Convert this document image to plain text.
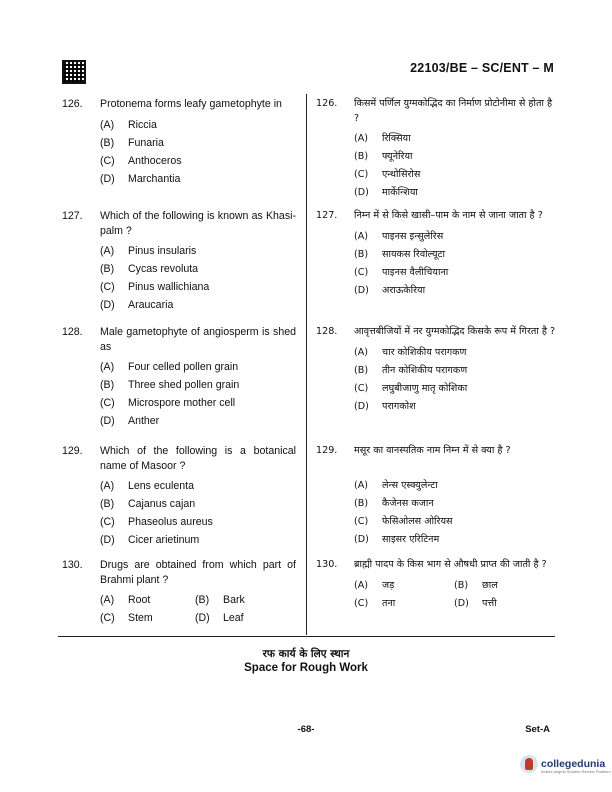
22103/BE – SC/ENT – M
126.	Protonema forms leafy gametophyte in
(A)	Riccia
(B)	Funaria
(C)	Anthoceros
(D)	Marchantia
127.	Which of the following is known as Khasi-palm ?
(A)	Pinus insularis
(B)	Cycas revoluta
(C)	Pinus wallichiana
(D)	Araucaria
128.	Male gametophyte of angiosperm is shed as
(A)	Four celled pollen grain
(B)	Three shed pollen grain
(C)	Microspore mother cell
(D)	Anther
129.	Which of the following is a botanical name of Masoor ?
(A)	Lens eculenta
(B)	Cajanus cajan
(C)	Phaseolus aureus
(D)	Cicer arietinum
130.	Drugs are obtained from which part of Brahmi plant ?
(A)	Root	(B)	Bark
(C)	Stem	(D)	Leaf
126.	किसमें पर्णिल युग्मकोद्भिद का निर्माण प्रोटोनीमा से होता है ?
(A)	रिक्सिया
(B)	फ्यूनेरिया
(C)	एन्थोसिरोस
(D)	मार्केन्शिया
127.	निम्न में से किसे खासी–पाम के नाम से जाना जाता है ?
(A)	पाइनस इन्सुलेरिस
(B)	सायकस रिवोल्यूटा
(C)	पाइनस वैलीचियाना
(D)	अराऊकेरिया
128.	आवृत्तबीजियों में नर युग्मकोद्भिद किसके रूप में गिरता है ?
(A)	चार कोशिकीय परागकण
(B)	तीन कोशिकीय परागकण
(C)	लघुबीजाणु मातृ कोशिका
(D)	परागकोश
129.	मसूर का वानस्पतिक नाम निम्न में से क्या है ?
(A)	लेन्स एस्क्युलेन्टा
(B)	कैजेनस कजान
(C)	फेसिओलस ओरियस
(D)	साइसर एरिटिनम
130.	ब्राह्मी पादप के किस भाग से औषधी प्राप्त की जाती है ?
(A)	जड़	(B)	छाल
(C)	तना	(D)	पत्ती
रफ कार्य के लिए स्थान
Space for Rough Work
-68-	Set-A
collegedunia
India's largest Student Review Platform
